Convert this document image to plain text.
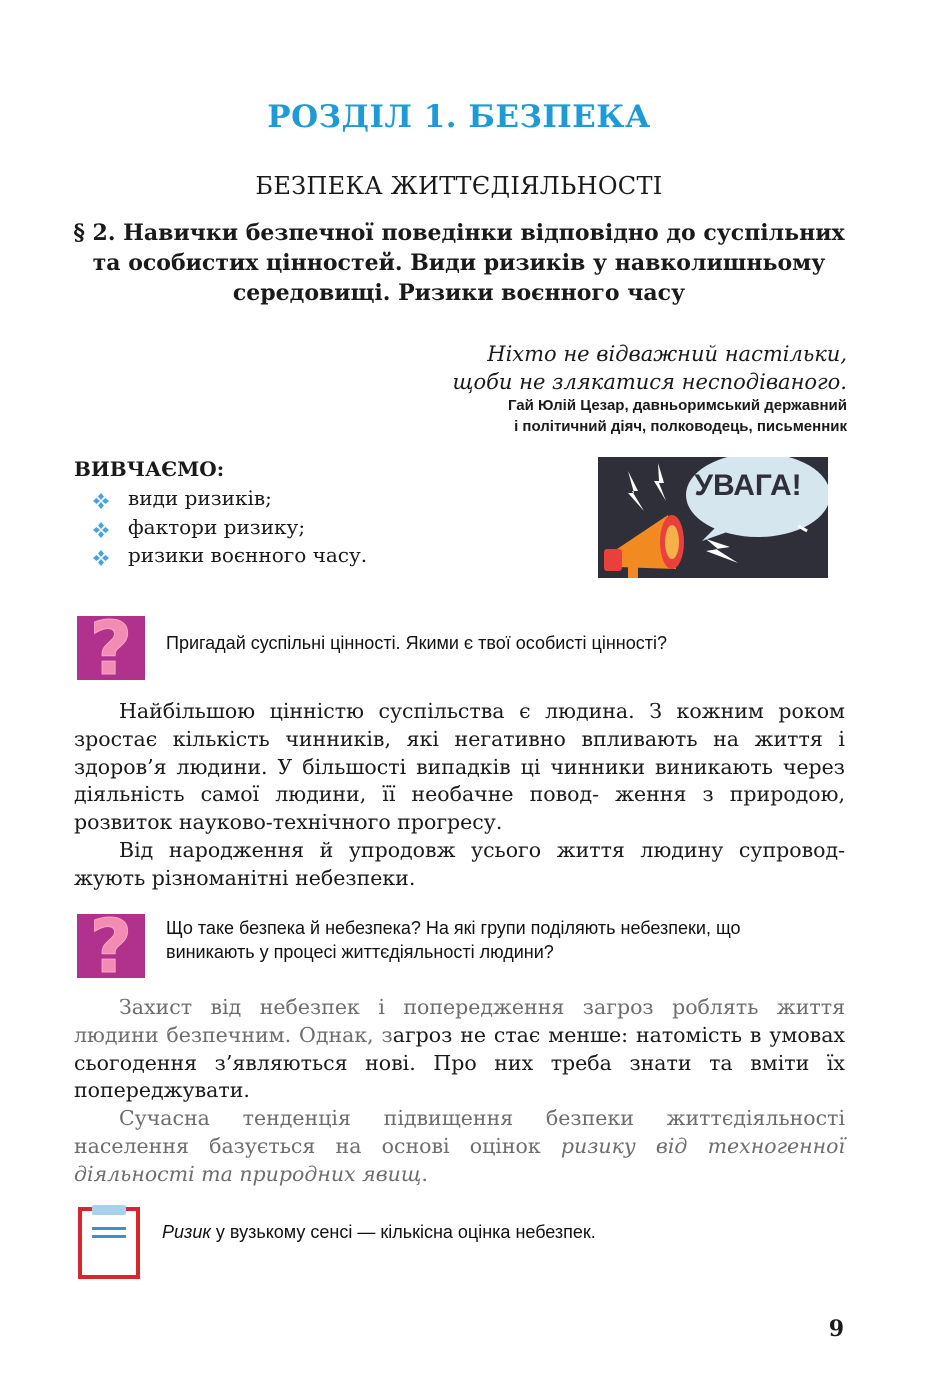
РОЗДІЛ 1. БЕЗПЕКА
БЕЗПЕКА ЖИТТЄДІЯЛЬНОСТІ
§ 2. Навички безпечної поведінки відповідно до суспільних
та особистих цінностей. Види ризиків у навколишньому
середовищі. Ризики воєнного часу
Ніхто не відважний настільки,
щоби не злякатися несподіваного.
Гай Юлій Цезар, давньоримський державний
і політичний діяч, полководець, письменник
ВИВЧАЄМО:
види ризиків;
фактори ризику;
ризики воєнного часу.
УВАГА!
? Пригадай суспільні цінності. Якими є твої особисті цінності?

Найбільшою цінністю суспільства є людина. З кожним роком зростає кількість чинників, які негативно впливають на життя і здоров’я людини. У більшості випадків ці чинники виникають через діяльність самої людини, її необачне повод- ження з природою, розвиток науково-технічного прогресу.

Від народження й упродовж усього життя людину супровод- жують різноманітні небезпеки.

? Що таке безпека й небезпека? На які групи поділяють небезпеки, що
виникають у процесі життєдіяльності людини?

Захист від небезпек і попередження загроз роблять життя людини безпечним. Однак, загроз не стає менше: натомість в умовах сьогодення з’являються нові. Про них треба знати та вміти їх попереджувати.

Сучасна тенденція підвищення безпеки життєдіяльності населення базується на основі оцінок ризику від техногенної діяльності та природних явищ.

Ризик у вузькому сенсі — кількісна оцінка небезпек.
9
